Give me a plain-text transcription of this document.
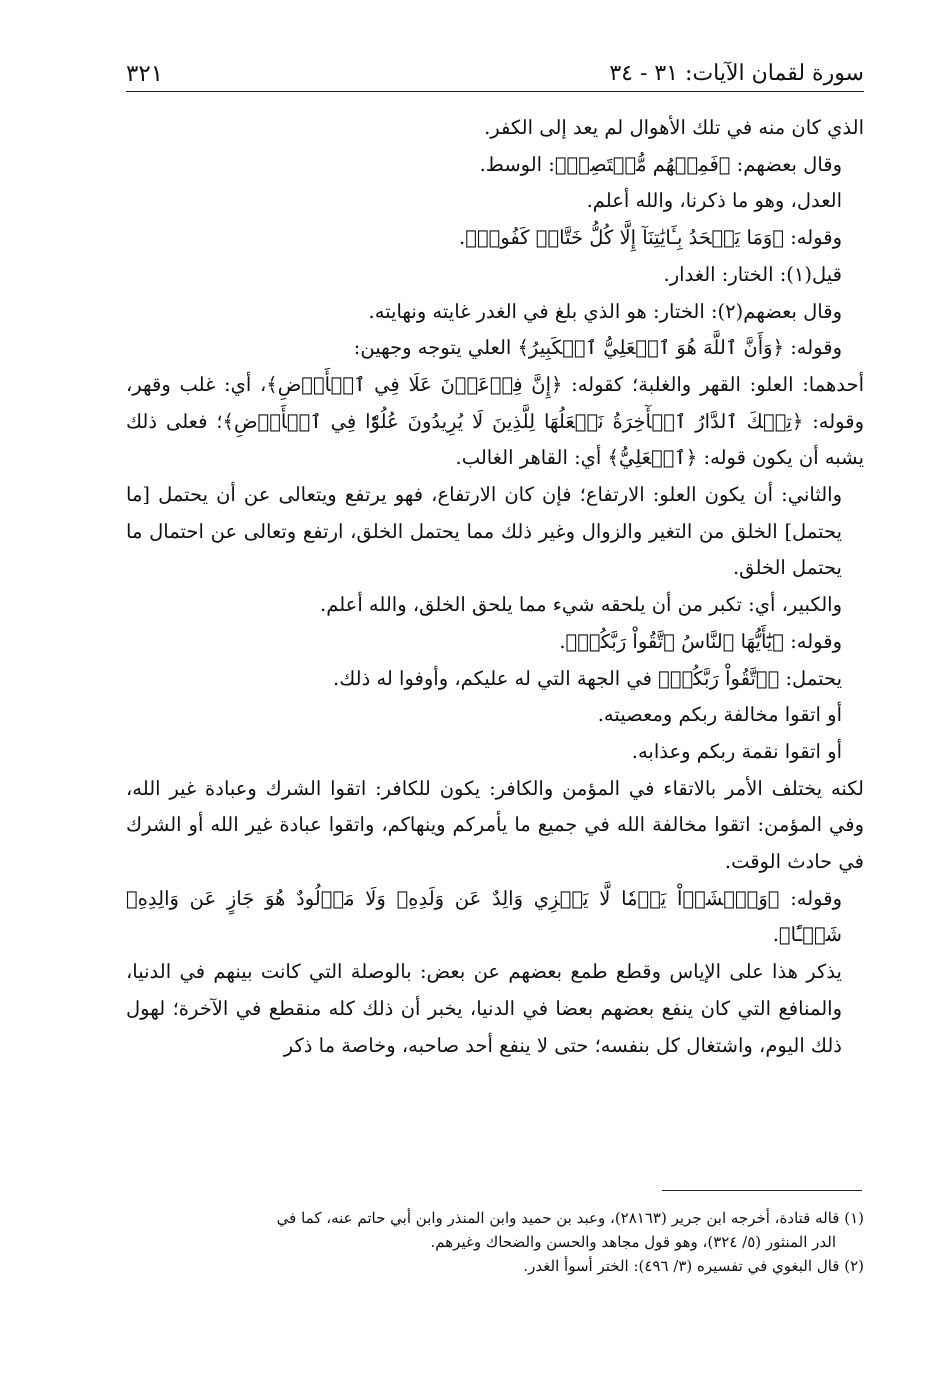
سورة لقمان الآيات: ٣١ - ٣٤
٣٢١

الذي كان منه في تلك الأهوال لم يعد إلى الكفر.

وقال بعضهم: ﴿فَمِنۡهُم مُّقۡتَصِدٞ﴾: الوسط.

العدل، وهو ما ذكرنا، والله أعلم.

وقوله: ﴿وَمَا يَجۡحَدُ بِـَٔايَٰتِنَآ إِلَّا كُلُّ خَتَّارٖ كَفُورٖ﴾.

قيل(١): الختار: الغدار.

وقال بعضهم(٢): الختار: هو الذي بلغ في الغدر غايته ونهايته.

وقوله: ﴿وَأَنَّ ٱللَّهَ هُوَ ٱلۡعَلِيُّ ٱلۡكَبِيرُ﴾ العلي يتوجه وجهين:

أحدهما: العلو: القهر والغلبة؛ كقوله: ﴿إِنَّ فِرۡعَوۡنَ عَلَا فِي ٱلۡأَرۡضِ﴾، أي: غلب وقهر، وقوله: ﴿تِلۡكَ ٱلدَّارُ ٱلۡأٓخِرَةُ نَجۡعَلُهَا لِلَّذِينَ لَا يُرِيدُونَ عُلُوّٗا فِي ٱلۡأَرۡضِ﴾؛ فعلى ذلك يشبه أن يكون قوله: ﴿ٱلۡعَلِيُّ﴾ أي: القاهر الغالب.

والثاني: أن يكون العلو: الارتفاع؛ فإن كان الارتفاع، فهو يرتفع ويتعالى عن أن يحتمل [ما يحتمل] الخلق من التغير والزوال وغير ذلك مما يحتمل الخلق، ارتفع وتعالى عن احتمال ما يحتمل الخلق.

والكبير، أي: تكبر من أن يلحقه شيء مما يلحق الخلق، والله أعلم.

وقوله: ﴿يَٰٓأَيُّهَا ٱلنَّاسُ ٱتَّقُواْ رَبَّكُمۡ﴾.

يحتمل: ﴿ٱتَّقُواْ رَبَّكُمۡ﴾ في الجهة التي له عليكم، وأوفوا له ذلك.

أو اتقوا مخالفة ربكم ومعصيته.

أو اتقوا نقمة ربكم وعذابه.

لكنه يختلف الأمر بالاتقاء في المؤمن والكافر: يكون للكافر: اتقوا الشرك وعبادة غير الله، وفي المؤمن: اتقوا مخالفة الله في جميع ما يأمركم وينهاكم، واتقوا عبادة غير الله أو الشرك في حادث الوقت.

وقوله: ﴿وَٱخۡشَوۡاْ يَوۡمٗا لَّا يَجۡزِي وَالِدٌ عَن وَلَدِهِۦ وَلَا مَوۡلُودٌ هُوَ جَازٍ عَن وَالِدِهِۦ شَيۡـًٔا﴾.

يذكر هذا على الإياس وقطع طمع بعضهم عن بعض: بالوصلة التي كانت بينهم في الدنيا، والمنافع التي كان ينفع بعضهم بعضا في الدنيا، يخبر أن ذلك كله منقطع في الآخرة؛ لهول ذلك اليوم، واشتغال كل بنفسه؛ حتى لا ينفع أحد صاحبه، وخاصة ما ذكر

(١) قاله قتادة، أخرجه ابن جرير (٢٨١٦٣)، وعبد بن حميد وابن المنذر وابن أبي حاتم عنه، كما في

الدر المنثور (٥/ ٣٢٤)، وهو قول مجاهد والحسن والضحاك وغيرهم.

(٢) قال البغوي في تفسيره (٣/ ٤٩٦): الختر أسوأ الغدر.
